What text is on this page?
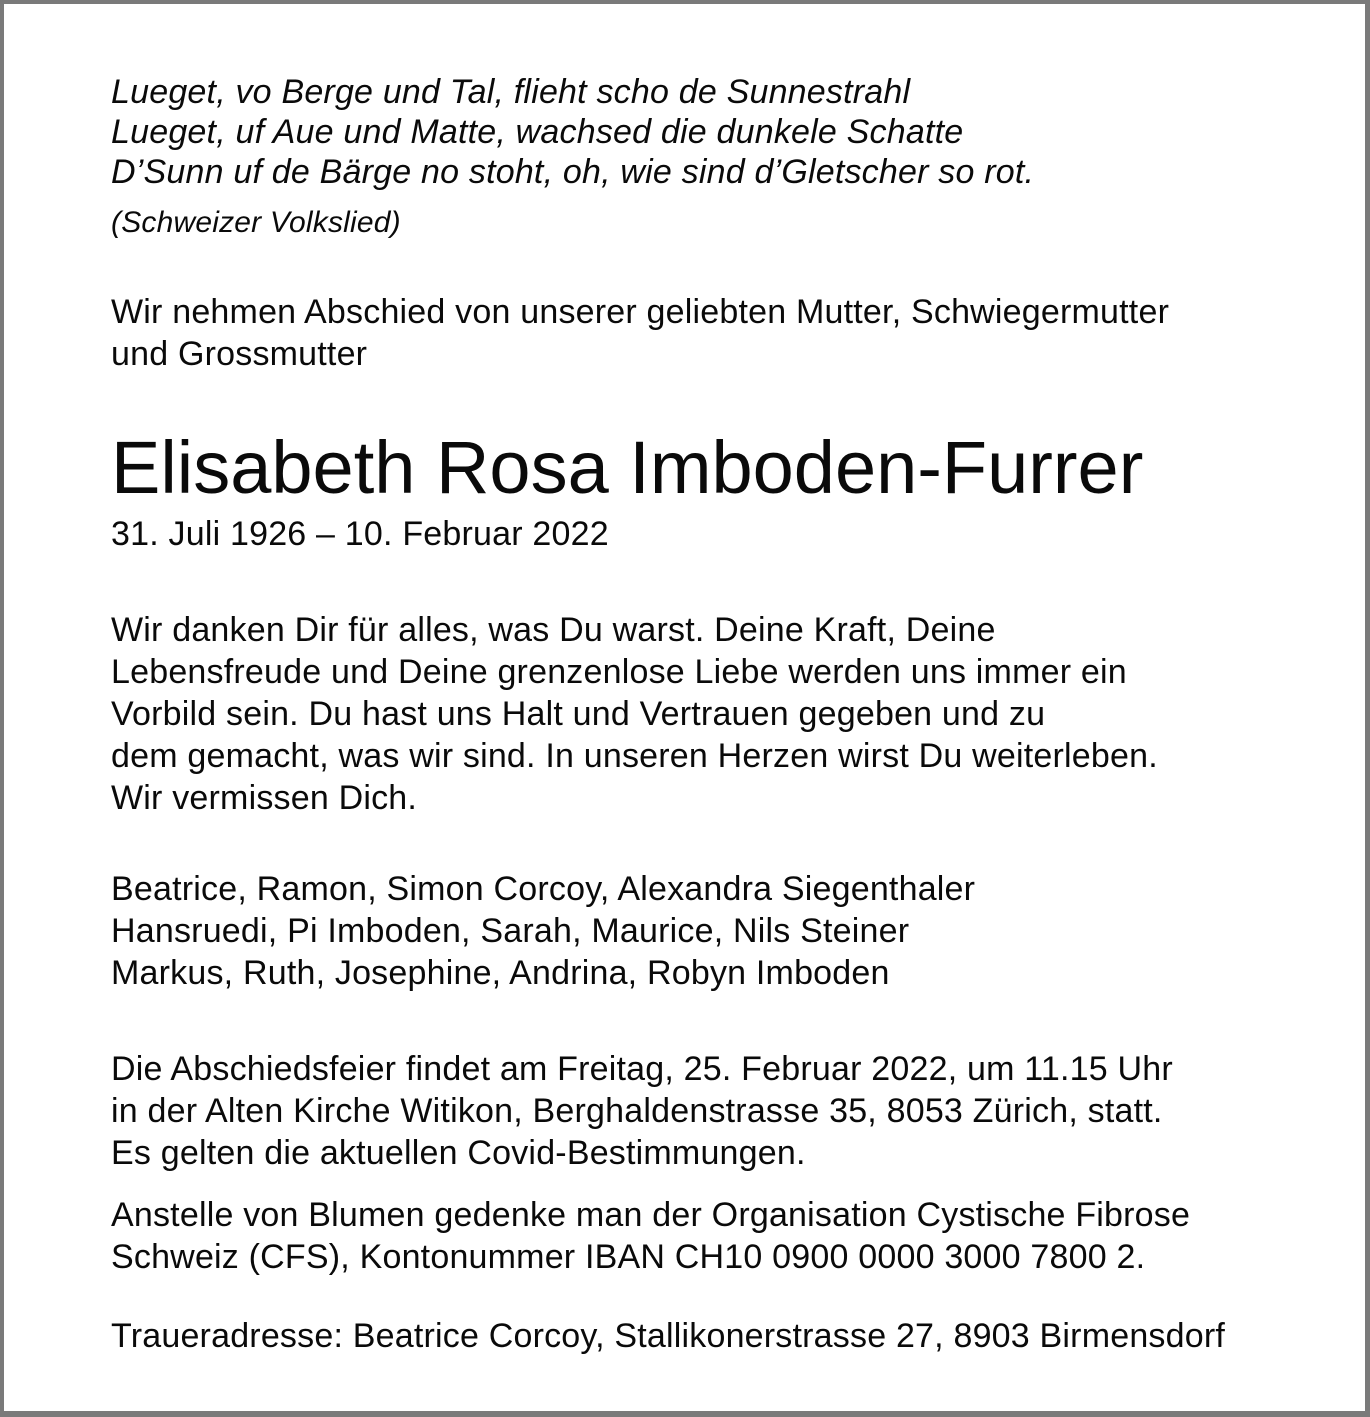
Lueget, vo Berge und Tal, flieht scho de Sunnestrahl
Lueget, uf Aue und Matte, wachsed die dunkele Schatte
D’Sunn uf de Bärge no stoht, oh, wie sind d’Gletscher so rot.
(Schweizer Volkslied)
Wir nehmen Abschied von unserer geliebten Mutter, Schwiegermutter
und Grossmutter
Elisabeth Rosa Imboden-Furrer
31. Juli 1926 – 10. Februar 2022
Wir danken Dir für alles, was Du warst. Deine Kraft, Deine
Lebensfreude und Deine grenzenlose Liebe werden uns immer ein
Vorbild sein. Du hast uns Halt und Vertrauen gegeben und zu
dem gemacht, was wir sind. In unseren Herzen wirst Du weiterleben.
Wir vermissen Dich.
Beatrice, Ramon, Simon Corcoy, Alexandra Siegenthaler
Hansruedi, Pi Imboden, Sarah, Maurice, Nils Steiner
Markus, Ruth, Josephine, Andrina, Robyn Imboden
Die Abschiedsfeier findet am Freitag, 25. Februar 2022, um 11.15 Uhr
in der Alten Kirche Witikon, Berghaldenstrasse 35, 8053 Zürich, statt.
Es gelten die aktuellen Covid-Bestimmungen.
Anstelle von Blumen gedenke man der Organisation Cystische Fibrose
Schweiz (CFS), Kontonummer IBAN CH10 0900 0000 3000 7800 2.
Traueradresse: Beatrice Corcoy, Stallikonerstrasse 27, 8903 Birmensdorf
